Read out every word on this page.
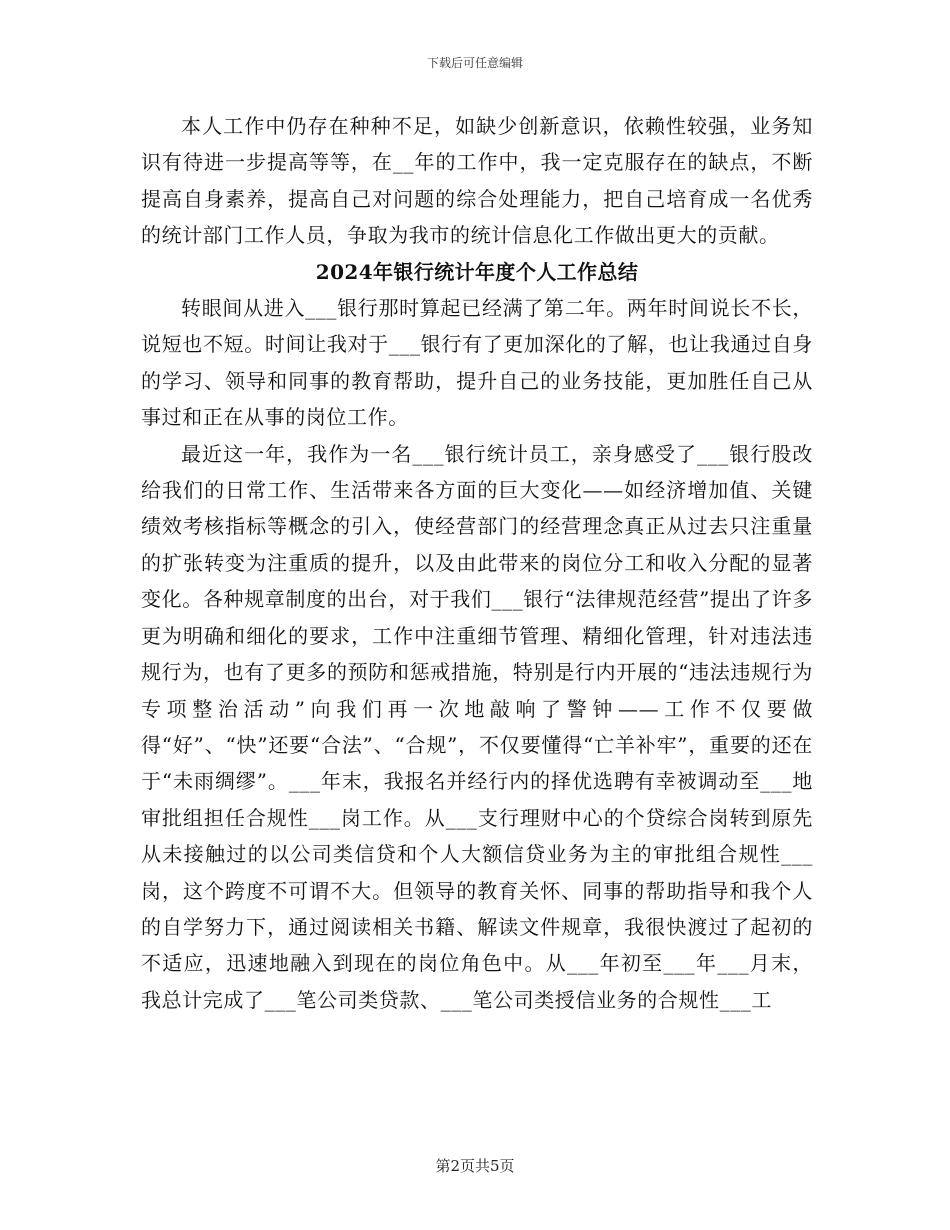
下载后可任意编辑

本人工作中仍存在种种不足，如缺少创新意识，依赖性较强，业务知识有待进一步提高等等，在__年的工作中，我一定克服存在的缺点，不断提高自身素养，提高自己对问题的综合处理能力，把自己培育成一名优秀的统计部门工作人员，争取为我市的统计信息化工作做出更大的贡献。

2024年银行统计年度个人工作总结

转眼间从进入___银行那时算起已经满了第二年。两年时间说长不长，说短也不短。时间让我对于___银行有了更加深化的了解，也让我通过自身的学习、领导和同事的教育帮助，提升自己的业务技能，更加胜任自己从事过和正在从事的岗位工作。

最近这一年，我作为一名___银行统计员工，亲身感受了___银行股改给我们的日常工作、生活带来各方面的巨大变化——如经济增加值、关键绩效考核指标等概念的引入，使经营部门的经营理念真正从过去只注重量的扩张转变为注重质的提升，以及由此带来的岗位分工和收入分配的显著变化。各种规章制度的出台，对于我们___银行“法律规范经营”提出了许多更为明确和细化的要求，工作中注重细节管理、精细化管理，针对违法违规行为，也有了更多的预防和惩戒措施，特别是行内开展的“违法违规行为专项整治活动”向我们再一次地敲响了警钟——工作不仅要做得“好”、“快”还要“合法”、“合规”，不仅要懂得“亡羊补牢”，重要的还在于“未雨绸缪”。___年末，我报名并经行内的择优选聘有幸被调动至___地审批组担任合规性___岗工作。从___支行理财中心的个贷综合岗转到原先从未接触过的以公司类信贷和个人大额信贷业务为主的审批组合规性___岗，这个跨度不可谓不大。但领导的教育关怀、同事的帮助指导和我个人的自学努力下，通过阅读相关书籍、解读文件规章，我很快渡过了起初的不适应，迅速地融入到现在的岗位角色中。从___年初至___年___月末，我总计完成了___笔公司类贷款、___笔公司类授信业务的合规性___工

第2页共5页
